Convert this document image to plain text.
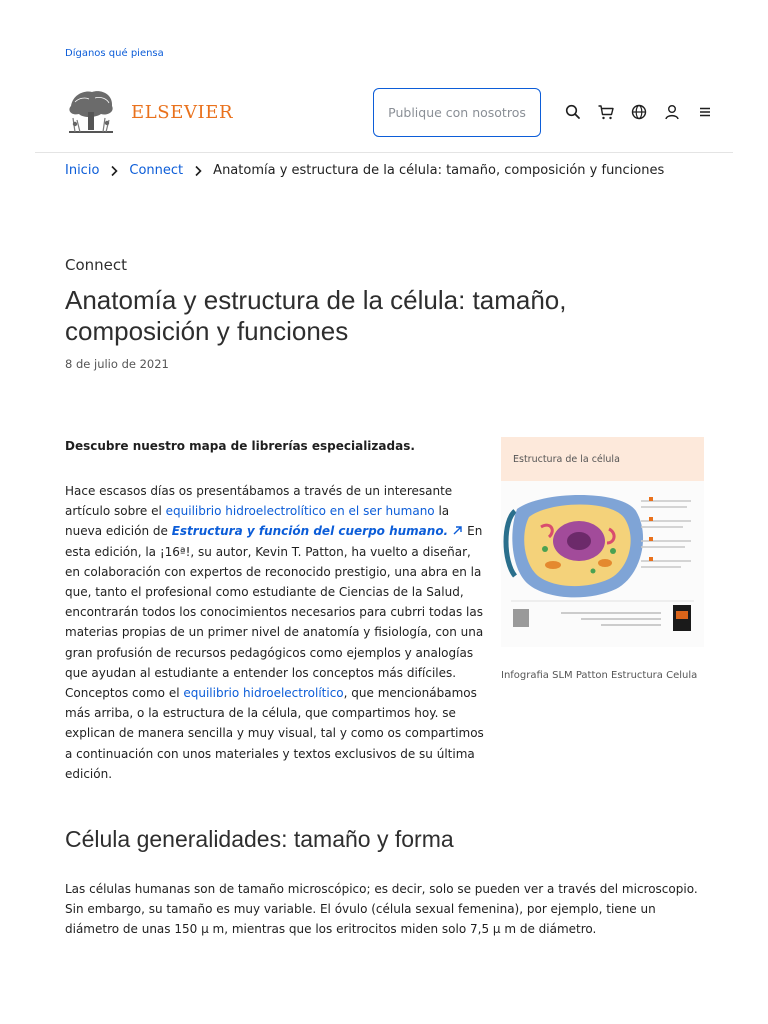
Díganos qué piensa
ELSEVIER	Publique con nosotros
Inicio Connect Anatomía y estructura de la célula: tamaño, composición y funciones
Connect
Anatomía y estructura de la célula: tamaño, composición y funciones
8 de julio de 2021
Descubre nuestro mapa de librerías especializadas.

Hace escasos días os presentábamos a través de un interesante artículo sobre el equilibrio hidroelectrolítico en el ser humano la nueva edición de Estructura y función del cuerpo humano.  En esta edición, la ¡16ª!, su autor, Kevin T. Patton, ha vuelto a diseñar, en colaboración con expertos de reconocido prestigio, una abra en la que, tanto el profesional como estudiante de Ciencias de la Salud, encontrarán todos los conocimientos necesarios para cubrri todas las materias propias de un primer nivel de anatomía y fisiología, con una gran profusión de recursos pedagógicos como ejemplos y analogías que ayudan al estudiante a entender los conceptos más difíciles. Conceptos como el equilibrio hidroelectrolítico, que mencionábamos más arriba, o la estructura de la célula, que compartimos hoy. se explican de manera sencilla y muy visual, tal y como os compartimos a continuación con unos materiales y textos exclusivos de su última edición.

Estructura de la célula
Infografia SLM Patton Estructura Celula
Célula generalidades: tamaño y forma

Las células humanas son de tamaño microscópico; es decir, solo se pueden ver a través del microscopio. Sin embargo, su tamaño es muy variable. El óvulo (célula sexual femenina), por ejemplo, tiene un diámetro de unas 150 μ m, mientras que los eritrocitos miden solo 7,5 μ m de diámetro.
